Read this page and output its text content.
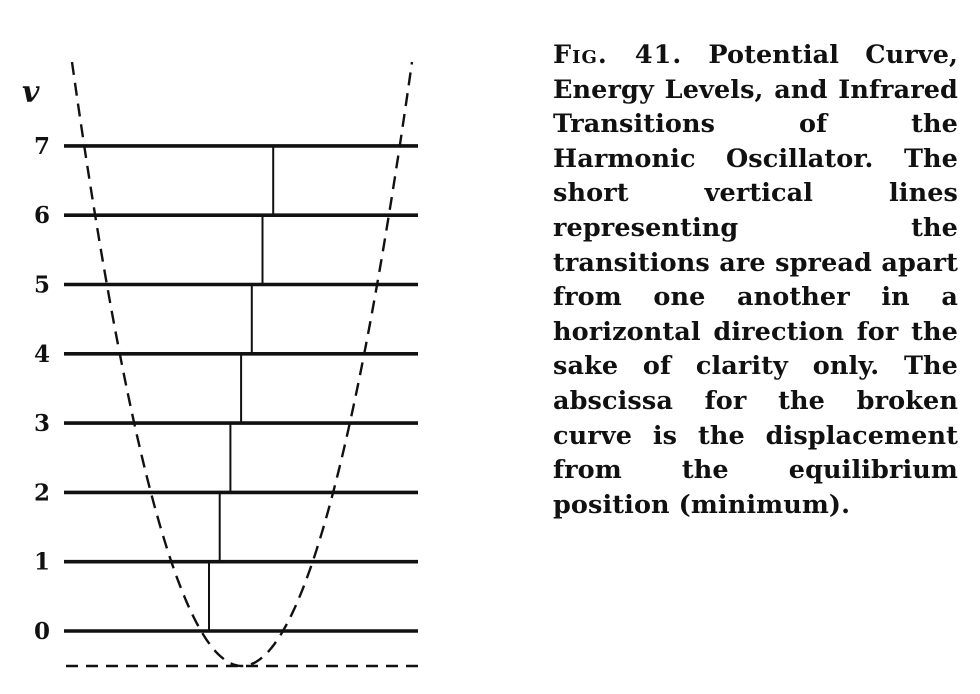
v
0
1
2
3
4
5
6
7
Fig. 41. Potential Curve, Energy Levels, and Infrared Transitions of the Harmonic Oscillator. The short vertical lines representing the transitions are spread apart from one another in a horizontal direction for the sake of clarity only. The abscissa for the broken curve is the displacement from the equilibrium position (minimum).
